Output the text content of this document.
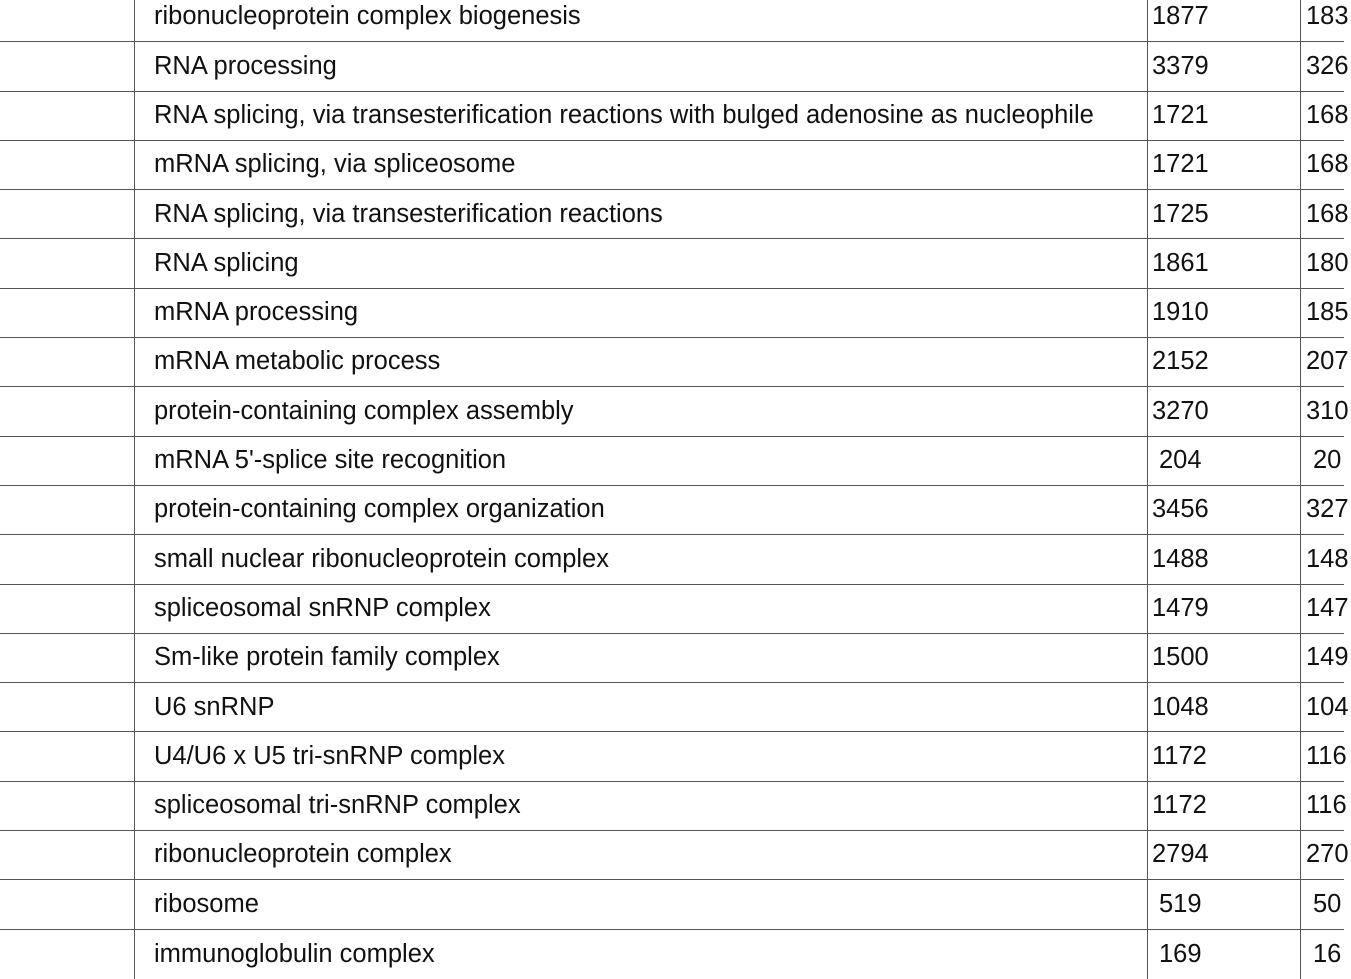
ribonucleoprotein complex biogenesis	1877	183
RNA processing	3379	326
RNA splicing, via transesterification reactions with bulged adenosine as nucleophile	1721	168
mRNA splicing, via spliceosome	1721	168
RNA splicing, via transesterification reactions	1725	168
RNA splicing	1861	180
mRNA processing	1910	185
mRNA metabolic process	2152	207
protein-containing complex assembly	3270	310
mRNA 5'-splice site recognition	204	20
protein-containing complex organization	3456	327
small nuclear ribonucleoprotein complex	1488	148
spliceosomal snRNP complex	1479	147
Sm-like protein family complex	1500	149
U6 snRNP	1048	104
U4/U6 x U5 tri-snRNP complex	1172	116
spliceosomal tri-snRNP complex	1172	116
ribonucleoprotein complex	2794	270
ribosome	519	50
immunoglobulin complex	169	16
